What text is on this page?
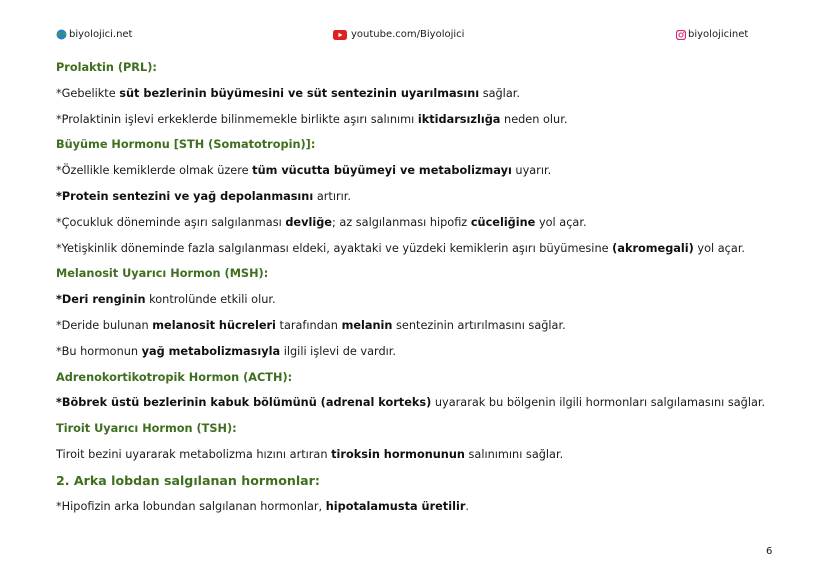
biyolojici.net	youtube.com/Biyolojici	biyolojicinet
Prolaktin (PRL):
*Gebelikte süt bezlerinin büyümesini ve süt sentezinin uyarılmasını sağlar.
*Prolaktinin işlevi erkeklerde bilinmemekle birlikte aşırı salınımı iktidarsızlığa neden olur.
Büyüme Hormonu [STH (Somatotropin)]:
*Özellikle kemiklerde olmak üzere tüm vücutta büyümeyi ve metabolizmayı uyarır.
*Protein sentezini ve yağ depolanmasını artırır.
*Çocukluk döneminde aşırı salgılanması devliğe; az salgılanması hipofiz cüceliğine yol açar.
*Yetişkinlik döneminde fazla salgılanması eldeki, ayaktaki ve yüzdeki kemiklerin aşırı büyümesine (akromegali) yol açar.
Melanosit Uyarıcı Hormon (MSH):
*Deri renginin kontrolünde etkili olur.
*Deride bulunan melanosit hücreleri tarafından melanin sentezinin artırılmasını sağlar.
*Bu hormonun yağ metabolizmasıyla ilgili işlevi de vardır.
Adrenokortikotropik Hormon (ACTH):
*Böbrek üstü bezlerinin kabuk bölümünü (adrenal korteks) uyararak bu bölgenin ilgili hormonları salgılamasını sağlar.
Tiroit Uyarıcı Hormon (TSH):
Tiroit bezini uyararak metabolizma hızını artıran tiroksin hormonunun salınımını sağlar.
2. Arka lobdan salgılanan hormonlar:
*Hipofizin arka lobundan salgılanan hormonlar, hipotalamusta üretilir.
6
